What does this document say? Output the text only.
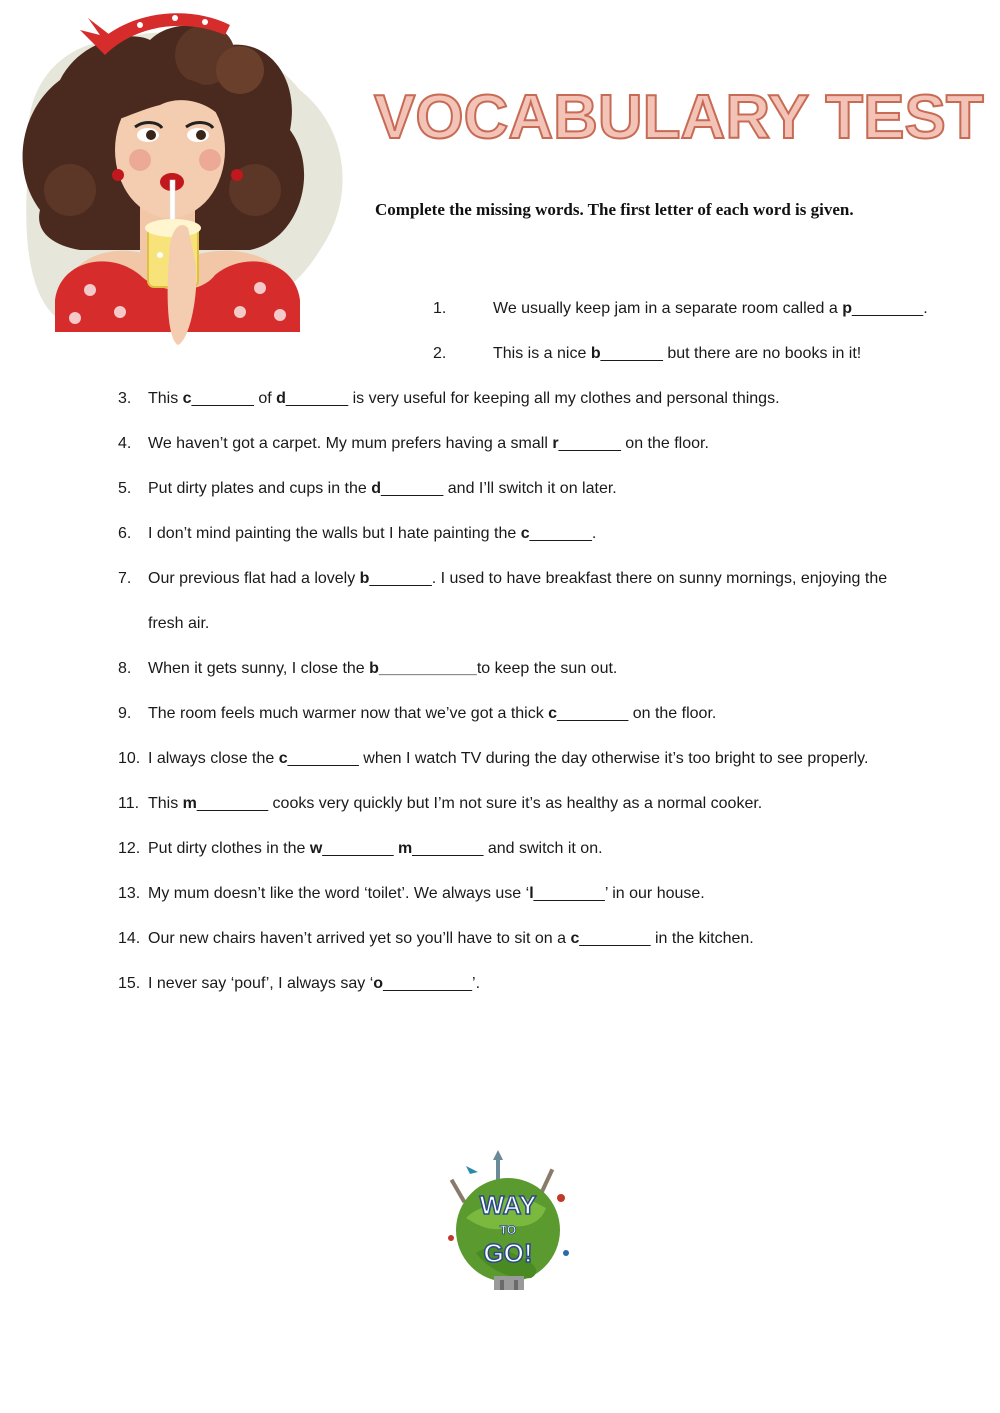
VOCABULARY TEST
Complete the missing words. The first letter of each word is given.
1.	We usually keep jam in a separate room called a p________.
2.	This is a nice b_______ but there are no books in it!
3. This c_______ of d_______ is very useful for keeping all my clothes and personal things.
4. We haven’t got a carpet. My mum prefers having a small r_______ on the floor.
5. Put dirty plates and cups in the d_______ and I’ll switch it on later.
6. I don’t mind painting the walls but I hate painting the c_______.
7. Our previous flat had a lovely b_______. I used to have breakfast there on sunny mornings, enjoying the
fresh air.
8. When it gets sunny, I close the b___________to keep the sun out.
9. The room feels much warmer now that we’ve got a thick c________ on the floor.
10. I always close the c________ when I watch TV during the day otherwise it’s too bright to see properly.
11. This m________ cooks very quickly but I’m not sure it’s as healthy as a normal cooker.
12. Put dirty clothes in the w________ m________ and switch it on.
13. My mum doesn’t like the word ‘toilet’. We always use ‘l________’ in our house.
14. Our new chairs haven’t arrived yet so you’ll have to sit on a c________ in the kitchen.
15. I never say ‘pouf’, I always say ‘o__________’.
WAY
TO
GO!
